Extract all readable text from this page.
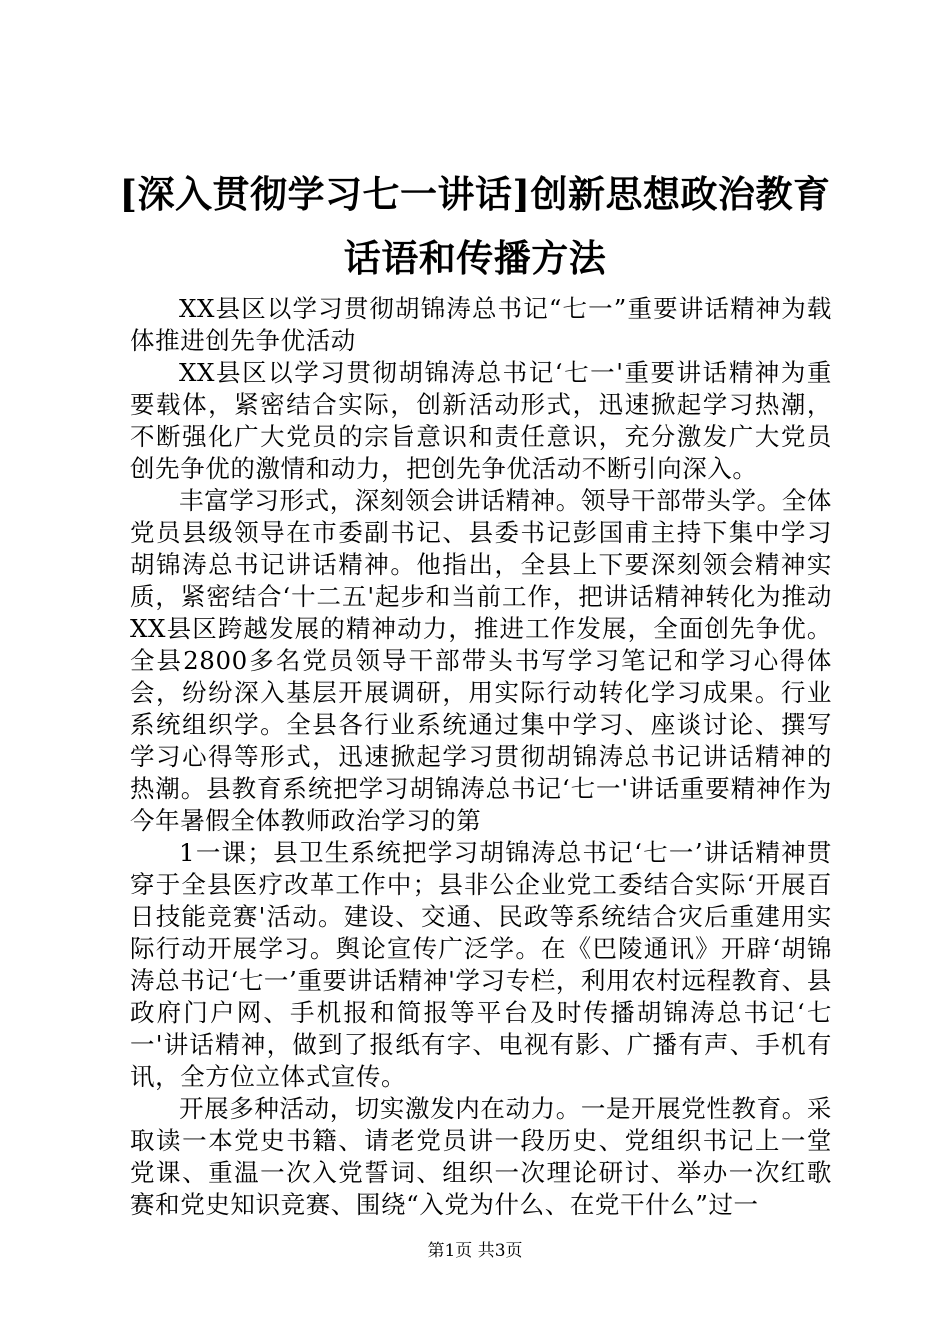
[深入贯彻学习七一讲话]创新思想政治教育话语和传播方法

XX县区以学习贯彻胡锦涛总书记“七一”重要讲话精神为载体推进创先争优活动

XX县区以学习贯彻胡锦涛总书记‘七一'重要讲话精神为重要载体，紧密结合实际，创新活动形式，迅速掀起学习热潮，不断强化广大党员的宗旨意识和责任意识，充分激发广大党员创先争优的激情和动力，把创先争优活动不断引向深入。

丰富学习形式，深刻领会讲话精神。领导干部带头学。全体党员县级领导在市委副书记、县委书记彭国甫主持下集中学习胡锦涛总书记讲话精神。他指出，全县上下要深刻领会精神实质，紧密结合‘十二五'起步和当前工作，把讲话精神转化为推动XX县区跨越发展的精神动力，推进工作发展，全面创先争优。全县2800多名党员领导干部带头书写学习笔记和学习心得体会，纷纷深入基层开展调研，用实际行动转化学习成果。行业系统组织学。全县各行业系统通过集中学习、座谈讨论、撰写学习心得等形式，迅速掀起学习贯彻胡锦涛总书记讲话精神的热潮。县教育系统把学习胡锦涛总书记‘七一'讲话重要精神作为今年暑假全体教师政治学习的第

1一课；县卫生系统把学习胡锦涛总书记‘七一’讲话精神贯穿于全县医疗改革工作中；县非公企业党工委结合实际‘开展百日技能竞赛'活动。建设、交通、民政等系统结合灾后重建用实际行动开展学习。舆论宣传广泛学。在《巴陵通讯》开辟‘胡锦涛总书记‘七一’重要讲话精神'学习专栏，利用农村远程教育、县政府门户网、手机报和简报等平台及时传播胡锦涛总书记‘七一'讲话精神，做到了报纸有字、电视有影、广播有声、手机有讯，全方位立体式宣传。

开展多种活动，切实激发内在动力。一是开展党性教育。采取读一本党史书籍、请老党员讲一段历史、党组织书记上一堂党课、重温一次入党誓词、组织一次理论研讨、举办一次红歌赛和党史知识竞赛、围绕“入党为什么、在党干什么”过一

第1页 共3页
